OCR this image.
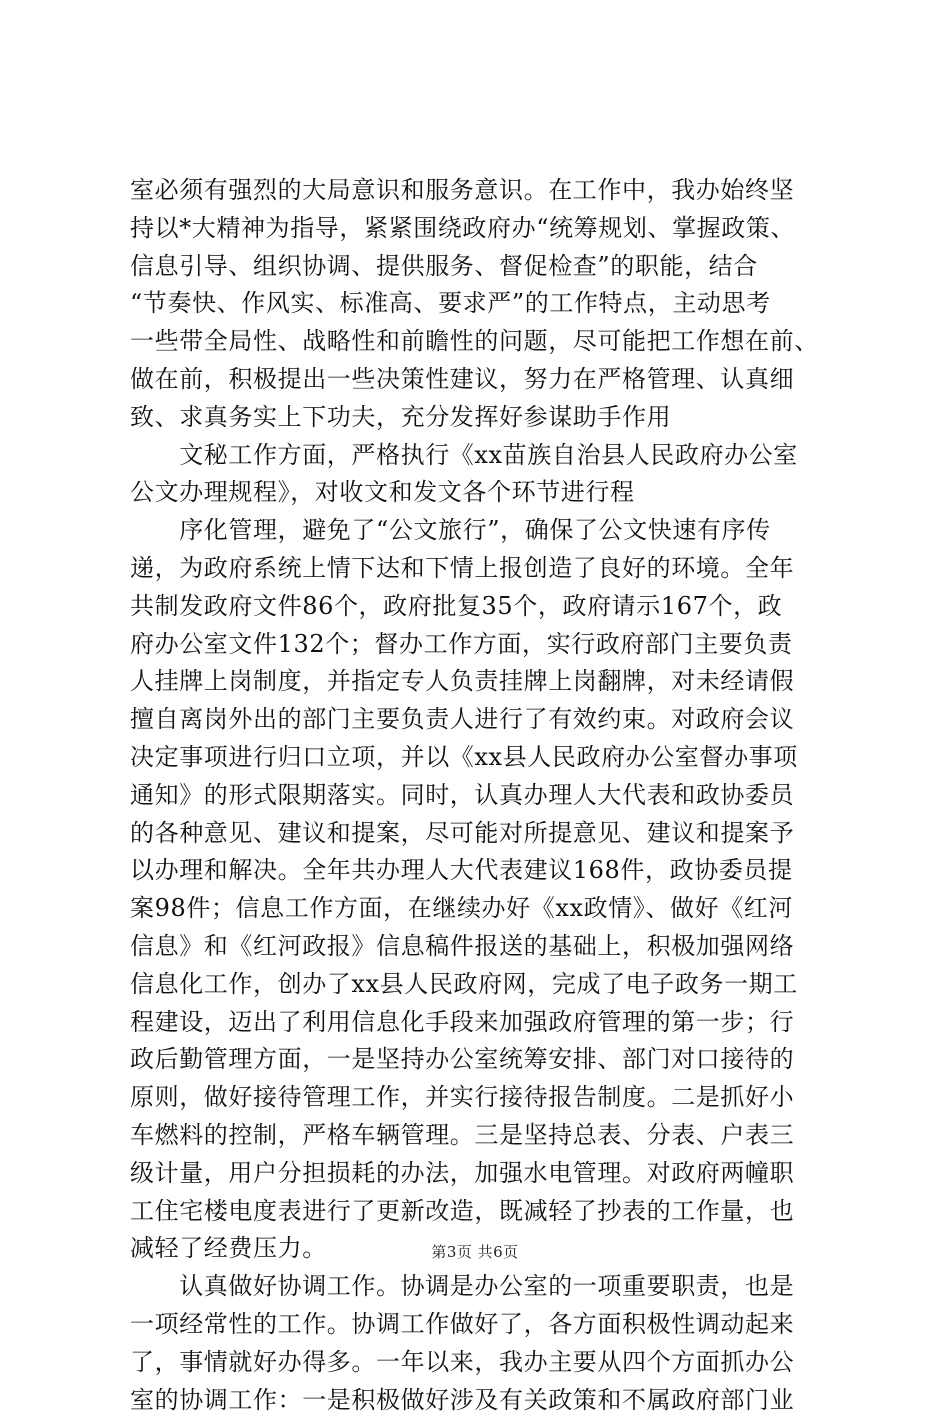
室必须有强烈的大局意识和服务意识。在工作中，我办始终坚
持以*大精神为指导，紧紧围绕政府办“统筹规划、掌握政策、
信息引导、组织协调、提供服务、督促检查”的职能，结合
“节奏快、作风实、标准高、要求严”的工作特点，主动思考
一些带全局性、战略性和前瞻性的问题，尽可能把工作想在前、
做在前，积极提出一些决策性建议，努力在严格管理、认真细
致、求真务实上下功夫，充分发挥好参谋助手作用
　　文秘工作方面，严格执行《xx苗族自治县人民政府办公室
公文办理规程》，对收文和发文各个环节进行程
　　序化管理，避免了“公文旅行”，确保了公文快速有序传
递，为政府系统上情下达和下情上报创造了良好的环境。全年
共制发政府文件86个，政府批复35个，政府请示167个，政
府办公室文件132个；督办工作方面，实行政府部门主要负责
人挂牌上岗制度，并指定专人负责挂牌上岗翻牌，对未经请假
擅自离岗外出的部门主要负责人进行了有效约束。对政府会议
决定事项进行归口立项，并以《xx县人民政府办公室督办事项
通知》的形式限期落实。同时，认真办理人大代表和政协委员
的各种意见、建议和提案，尽可能对所提意见、建议和提案予
以办理和解决。全年共办理人大代表建议168件，政协委员提
案98件；信息工作方面，在继续办好《xx政情》、做好《红河
信息》和《红河政报》信息稿件报送的基础上，积极加强网络
信息化工作，创办了xx县人民政府网，完成了电子政务一期工
程建设，迈出了利用信息化手段来加强政府管理的第一步；行
政后勤管理方面，一是坚持办公室统筹安排、部门对口接待的
原则，做好接待管理工作，并实行接待报告制度。二是抓好小
车燃料的控制，严格车辆管理。三是坚持总表、分表、户表三
级计量，用户分担损耗的办法，加强水电管理。对政府两幢职
工住宅楼电度表进行了更新改造，既减轻了抄表的工作量，也
减轻了经费压力。
　　认真做好协调工作。协调是办公室的一项重要职责，也是
一项经常性的工作。协调工作做好了，各方面积极性调动起来
了，事情就好办得多。一年以来，我办主要从四个方面抓办公
室的协调工作：一是积极做好涉及有关政策和不属政府部门业
第3页 共6页
